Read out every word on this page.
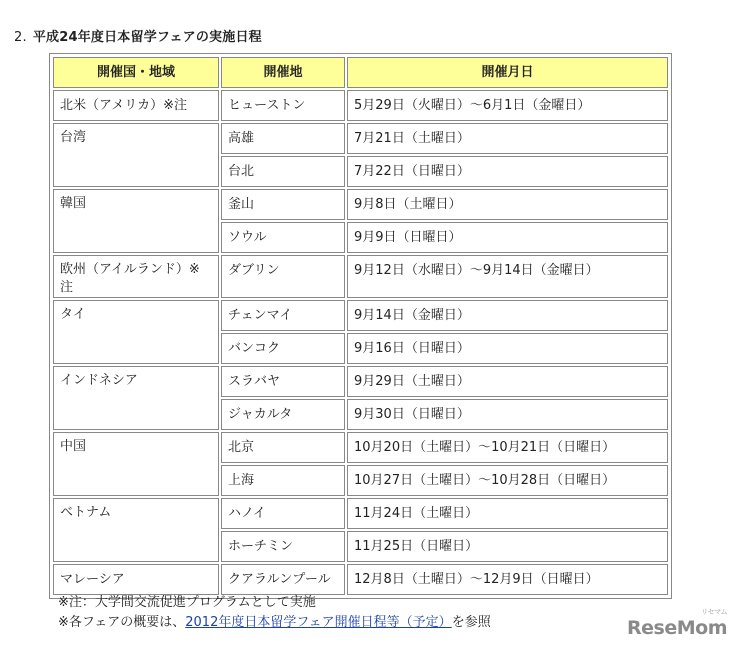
2. 平成24年度日本留学フェアの実施日程
開催国・地域	開催地	開催月日
北米（アメリカ）※注	ヒューストン	5月29日（火曜日）〜6月1日（金曜日）
台湾	高雄	7月21日（土曜日）
	台北	7月22日（日曜日）
韓国	釜山	9月8日（土曜日）
	ソウル	9月9日（日曜日）
欧州（アイルランド）※注	ダブリン	9月12日（水曜日）〜9月14日（金曜日）
タイ	チェンマイ	9月14日（金曜日）
	バンコク	9月16日（日曜日）
インドネシア	スラバヤ	9月29日（土曜日）
	ジャカルタ	9月30日（日曜日）
中国	北京	10月20日（土曜日）〜10月21日（日曜日）
	上海	10月27日（土曜日）〜10月28日（日曜日）
ベトナム	ハノイ	11月24日（土曜日）
	ホーチミン	11月25日（日曜日）
マレーシア	クアラルンプール	12月8日（土曜日）〜12月9日（日曜日）
※注：大学間交流促進プログラムとして実施
※各フェアの概要は、2012年度日本留学フェア開催日程等（予定）を参照	ReseMom
リセマム
